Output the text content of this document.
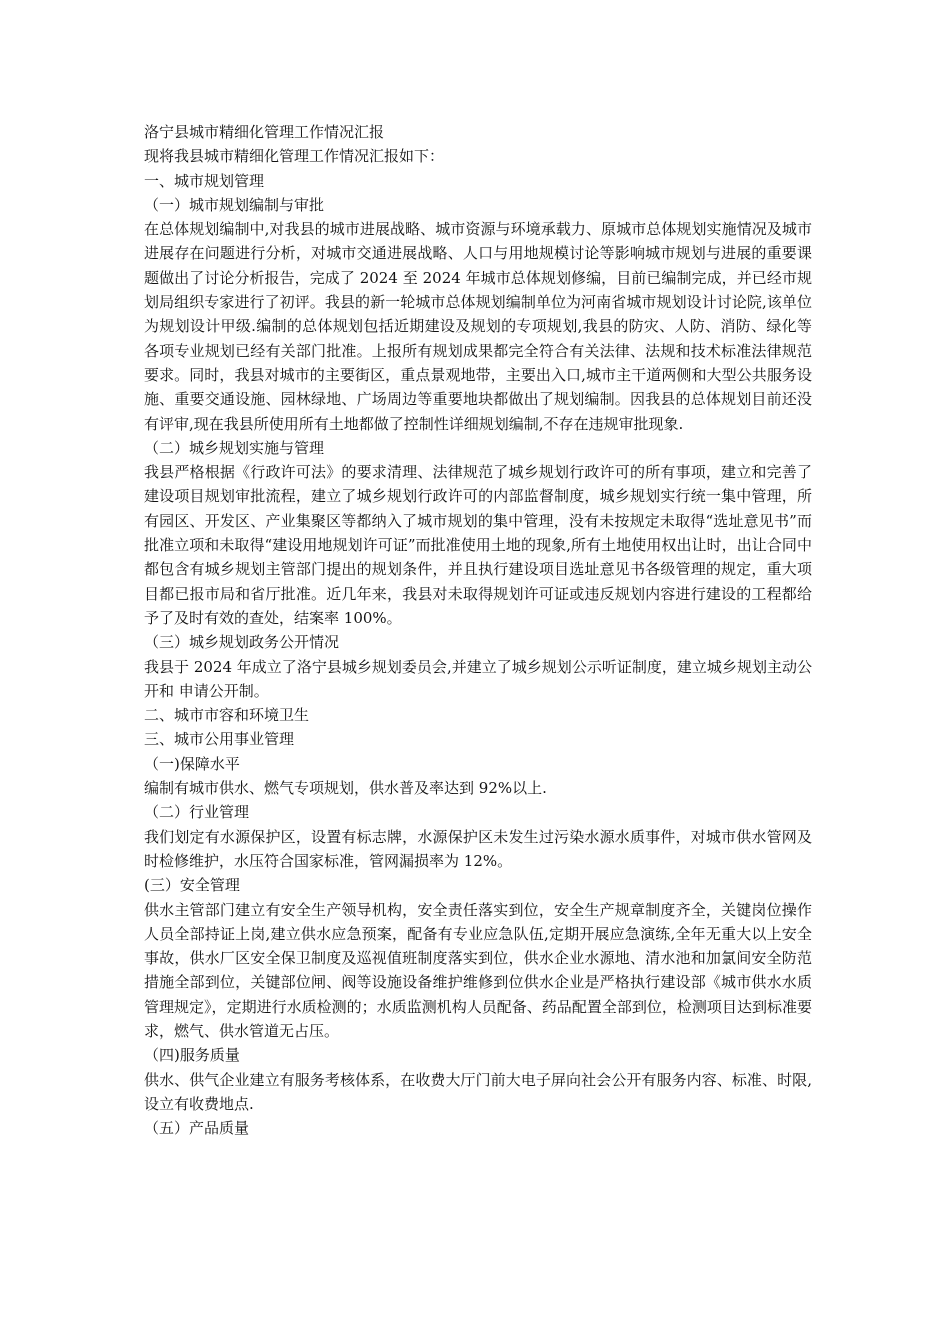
洛宁县城市精细化管理工作情况汇报

现将我县城市精细化管理工作情况汇报如下：

一、城市规划管理

（一）城市规划编制与审批

在总体规划编制中,对我县的城市进展战略、城市资源与环境承载力、原城市总体规划实施情况及城市进展存在问题进行分析，对城市交通进展战略、人口与用地规模讨论等影响城市规划与进展的重要课题做出了讨论分析报告，完成了 2024 至 2024 年城市总体规划修编，目前已编制完成，并已经市规划局组织专家进行了初评。我县的新一轮城市总体规划编制单位为河南省城市规划设计讨论院,该单位为规划设计甲级.编制的总体规划包括近期建设及规划的专项规划,我县的防灾、人防、消防、绿化等各项专业规划已经有关部门批准。上报所有规划成果都完全符合有关法律、法规和技术标准法律规范要求。同时，我县对城市的主要街区，重点景观地带，主要出入口,城市主干道两侧和大型公共服务设施、重要交通设施、园林绿地、广场周边等重要地块都做出了规划编制。因我县的总体规划目前还没有评审,现在我县所使用所有土地都做了控制性详细规划编制,不存在违规审批现象.

（二）城乡规划实施与管理

我县严格根据《行政许可法》的要求清理、法律规范了城乡规划行政许可的所有事项，建立和完善了建设项目规划审批流程，建立了城乡规划行政许可的内部监督制度，城乡规划实行统一集中管理，所有园区、开发区、产业集聚区等都纳入了城市规划的集中管理，没有未按规定未取得“选址意见书”而批准立项和未取得“建设用地规划许可证”而批准使用土地的现象,所有土地使用权出让时，出让合同中都包含有城乡规划主管部门提出的规划条件，并且执行建设项目选址意见书各级管理的规定，重大项目都已报市局和省厅批准。近几年来，我县对未取得规划许可证或违反规划内容进行建设的工程都给予了及时有效的查处，结案率 100%。

（三）城乡规划政务公开情况

我县于 2024 年成立了洛宁县城乡规划委员会,并建立了城乡规划公示听证制度，建立城乡规划主动公开和 申请公开制。

二、城市市容和环境卫生

三、城市公用事业管理

（一)保障水平

编制有城市供水、燃气专项规划，供水普及率达到 92%以上.

（二）行业管理

我们划定有水源保护区，设置有标志牌，水源保护区未发生过污染水源水质事件，对城市供水管网及时检修维护，水压符合国家标准，管网漏损率为 12%。

(三）安全管理

供水主管部门建立有安全生产领导机构，安全责任落实到位，安全生产规章制度齐全，关键岗位操作人员全部持证上岗,建立供水应急预案，配备有专业应急队伍,定期开展应急演练,全年无重大以上安全事故，供水厂区安全保卫制度及巡视值班制度落实到位，供水企业水源地、清水池和加氯间安全防范措施全部到位，关键部位闸、阀等设施设备维护维修到位供水企业是严格执行建设部《城市供水水质管理规定》，定期进行水质检测的；水质监测机构人员配备、药品配置全部到位，检测项目达到标准要求，燃气、供水管道无占压。

（四)服务质量

供水、供气企业建立有服务考核体系，在收费大厅门前大电子屏向社会公开有服务内容、标准、时限,设立有收费地点.

（五）产品质量
